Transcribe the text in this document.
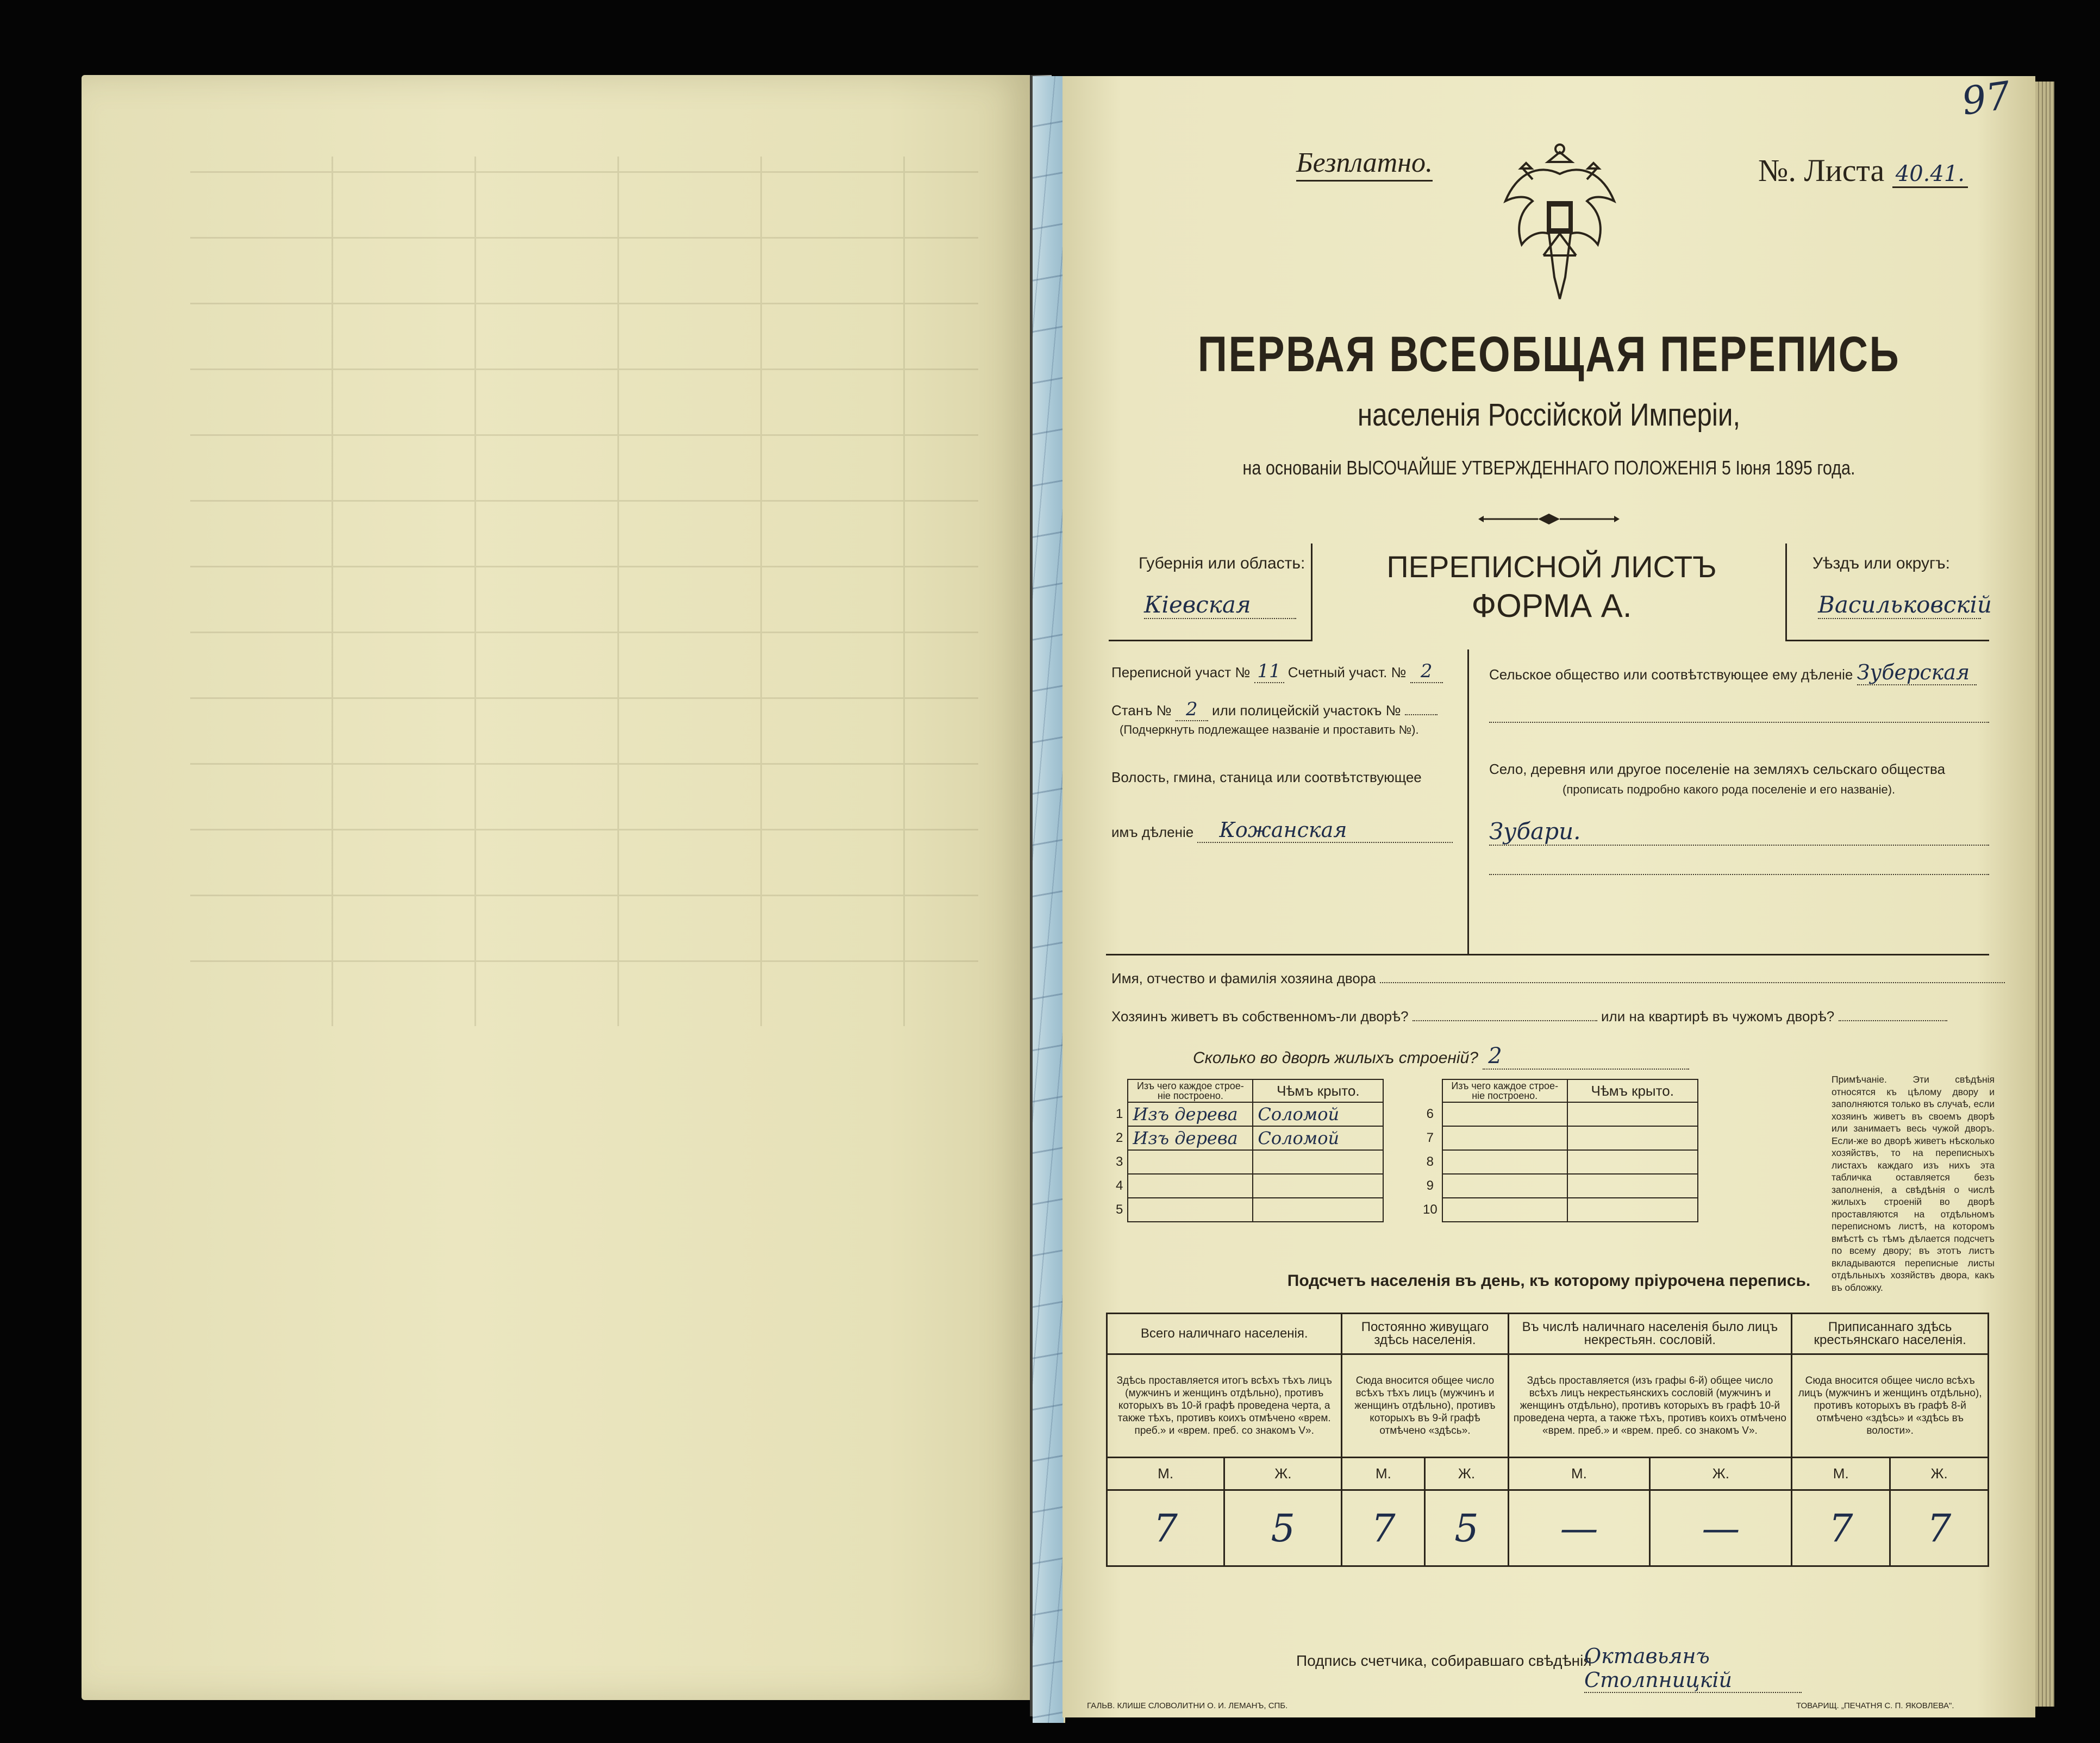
Безплатно.	№. Листа 40.41.
97
ПЕРВАЯ ВСЕОБЩАЯ ПЕРЕПИСЬ
населенія Россійской Имперіи,
на основаніи ВЫСОЧАЙШЕ УТВЕРЖДЕННАГО ПОЛОЖЕНІЯ 5 Іюня 1895 года.
Губернія или область:
Кіевская
ПЕРЕПИСНОЙ ЛИСТЪ
ФОРМА А.
Уѣздъ или округъ:
Васильковскій
Переписной участ № 11 Счетный участ. № 2
Станъ № 2 или полицейскій участокъ №
(Подчеркнуть подлежащее названіе и проставить №).
Волость, гмина, станица или соотвѣтствующее
имъ дѣленіе Кожанская
Сельское общество или соотвѣтствующее ему дѣленіе Зуберская
Село, деревня или другое поселеніе на земляхъ сельскаго общества
(прописать подробно какого рода поселеніе и его названіе).
Зубари.
Имя, отчество и фамилія хозяина двора
Хозяинъ живетъ въ собственномъ-ли дворѣ?	или на квартирѣ въ чужомъ дворѣ?
Сколько во дворѣ жилыхъ строеній? 2
	Изъ чего каждое строе-ніе построено.	Чѣмъ крыто.
1	Изъ дерева	Соломой
2	Изъ дерева	Соломой
3		
4		
5		
	Изъ чего каждое строе-ніе построено.	Чѣмъ крыто.
6		
7		
8		
9		
10		
Примѣчаніе. Эти свѣдѣнія относятся къ цѣлому двору и заполняются только въ случаѣ, если хозяинъ живетъ въ своемъ дворѣ или занимаетъ весь чужой дворъ. Если-же во дворѣ живетъ нѣсколько хозяйствъ, то на переписныхъ листахъ каждаго изъ нихъ эта табличка оставляется безъ заполненія, а свѣдѣнія о числѣ жилыхъ строеній во дворѣ проставляются на отдѣльномъ переписномъ листѣ, на которомъ вмѣстѣ съ тѣмъ дѣлается подсчетъ по всему двору; въ этотъ листъ вкладываются переписные листы отдѣльныхъ хозяйствъ двора, какъ въ обложку.
Подсчетъ населенія въ день, къ которому пріурочена перепись.
Всего наличнаго населенія.		Постоянно живущаго здѣсь населенія.		Въ числѣ наличнаго населенія было лицъ некрестьян. сословій.		Приписаннаго здѣсь крестьянскаго населенія.	
Здѣсь проставляется итогъ всѣхъ тѣхъ лицъ (мужчинъ и женщинъ отдѣльно), противъ которыхъ въ 10-й графѣ проведена черта, а также тѣхъ, противъ коихъ отмѣчено «врем. преб.» и «врем. преб. со знакомъ V».		Сюда вносится общее число всѣхъ тѣхъ лицъ (мужчинъ и женщинъ отдѣльно), противъ которыхъ въ 9-й графѣ отмѣчено «здѣсь».		Здѣсь проставляется (изъ графы 6-й) общее число всѣхъ лицъ некрестьянскихъ сословій (мужчинъ и женщинъ отдѣльно), противъ которыхъ въ графѣ 10-й проведена черта, а также тѣхъ, противъ коихъ отмѣчено «врем. преб.» и «врем. преб. со знакомъ V».		Сюда вносится общее число всѣхъ лицъ (мужчинъ и женщинъ отдѣльно), противъ которыхъ въ графѣ 8-й отмѣчено «здѣсь» и «здѣсь въ волости».	
М.	Ж.	М.	Ж.	М.	Ж.	М.	Ж.
7	5	7	5	—	—	7	7
Подпись счетчика, собиравшаго свѣдѣнія
Октавьянъ Столпницкій
ГАЛЬВ. КЛИШЕ СЛОВОЛИТНИ О. И. ЛЕМАНЪ, СПБ.	ТОВАРИЩ. „ПЕЧАТНЯ С. П. ЯКОВЛЕВА".
